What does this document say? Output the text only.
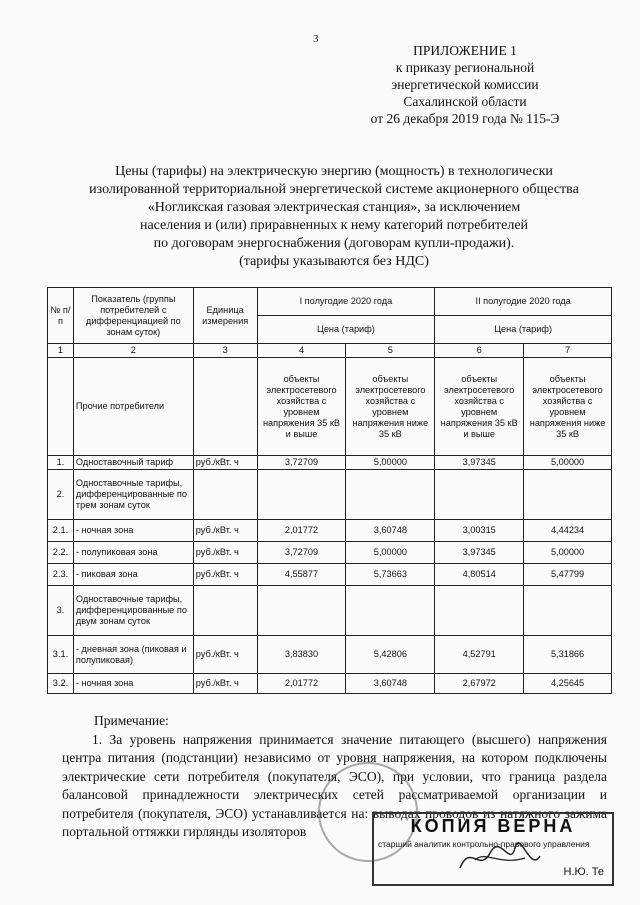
3
ПРИЛОЖЕНИЕ 1
к приказу региональной
энергетической комиссии
Сахалинской области
от 26 декабря 2019 года № 115-Э
Цены (тарифы) на электрическую энергию (мощность) в технологически
изолированной территориальной энергетической системе акционерного общества
«Ногликская газовая электрическая станция», за исключением
населения и (или) приравненных к нему категорий потребителей
по договорам энергоснабжения (договорам купли-продажи).
(тарифы указываются без НДС)
№ п/п	Показатель (группы потребителей с дифференциацией по зонам суток)	Единица измерения	I полугодие 2020 года		II полугодие 2020 года	
			Цена (тариф)		Цена (тариф)	
1	2	3	4	5	6	7
	Прочие потребители		объекты электросетевого хозяйства с уровнем напряжения 35 кВ и выше	объекты электросетевого хозяйства с уровнем напряжения ниже 35 кВ	объекты электросетевого хозяйства с уровнем напряжения 35 кВ и выше	объекты электросетевого хозяйства с уровнем напряжения ниже 35 кВ
1.	Одноставочный тариф	руб./кВт. ч	3,72709	5,00000	3,97345	5,00000
2.	Одноставочные тарифы, дифференцированные по трем зонам суток					
2.1.	- ночная зона	руб./кВт. ч	2,01772	3,60748	3,00315	4,44234
2.2.	- полупиковая зона	руб./кВт. ч	3,72709	5,00000	3,97345	5,00000
2.3.	- пиковая зона	руб./кВт. ч	4,55877	5,73663	4,80514	5,47799
3.	Одноставочные тарифы, дифференцированные по двум зонам суток					
3.1.	- дневная зона (пиковая и полупиковая)	руб./кВт. ч	3,83830	5,42806	4,52791	5,31866
3.2.	- ночная зона	руб./кВт. ч	2,01772	3,60748	2,67972	4,25645

Примечание:

1. За уровень напряжения принимается значение питающего (высшего) напряжения центра питания (подстанции) независимо от уровня напряжения, на котором подключены электрические сети потребителя (покупателя, ЭСО), при условии, что граница раздела балансовой принадлежности электрических сетей рассматриваемой организации и потребителя (покупателя, ЭСО) устанавливается на: выводах проводов из натяжного зажима портальной оттяжки гирлянды изоляторов	КОПИЯ ВЕРНА
старший аналитик контрольно-правового управления
Н.Ю. Те
